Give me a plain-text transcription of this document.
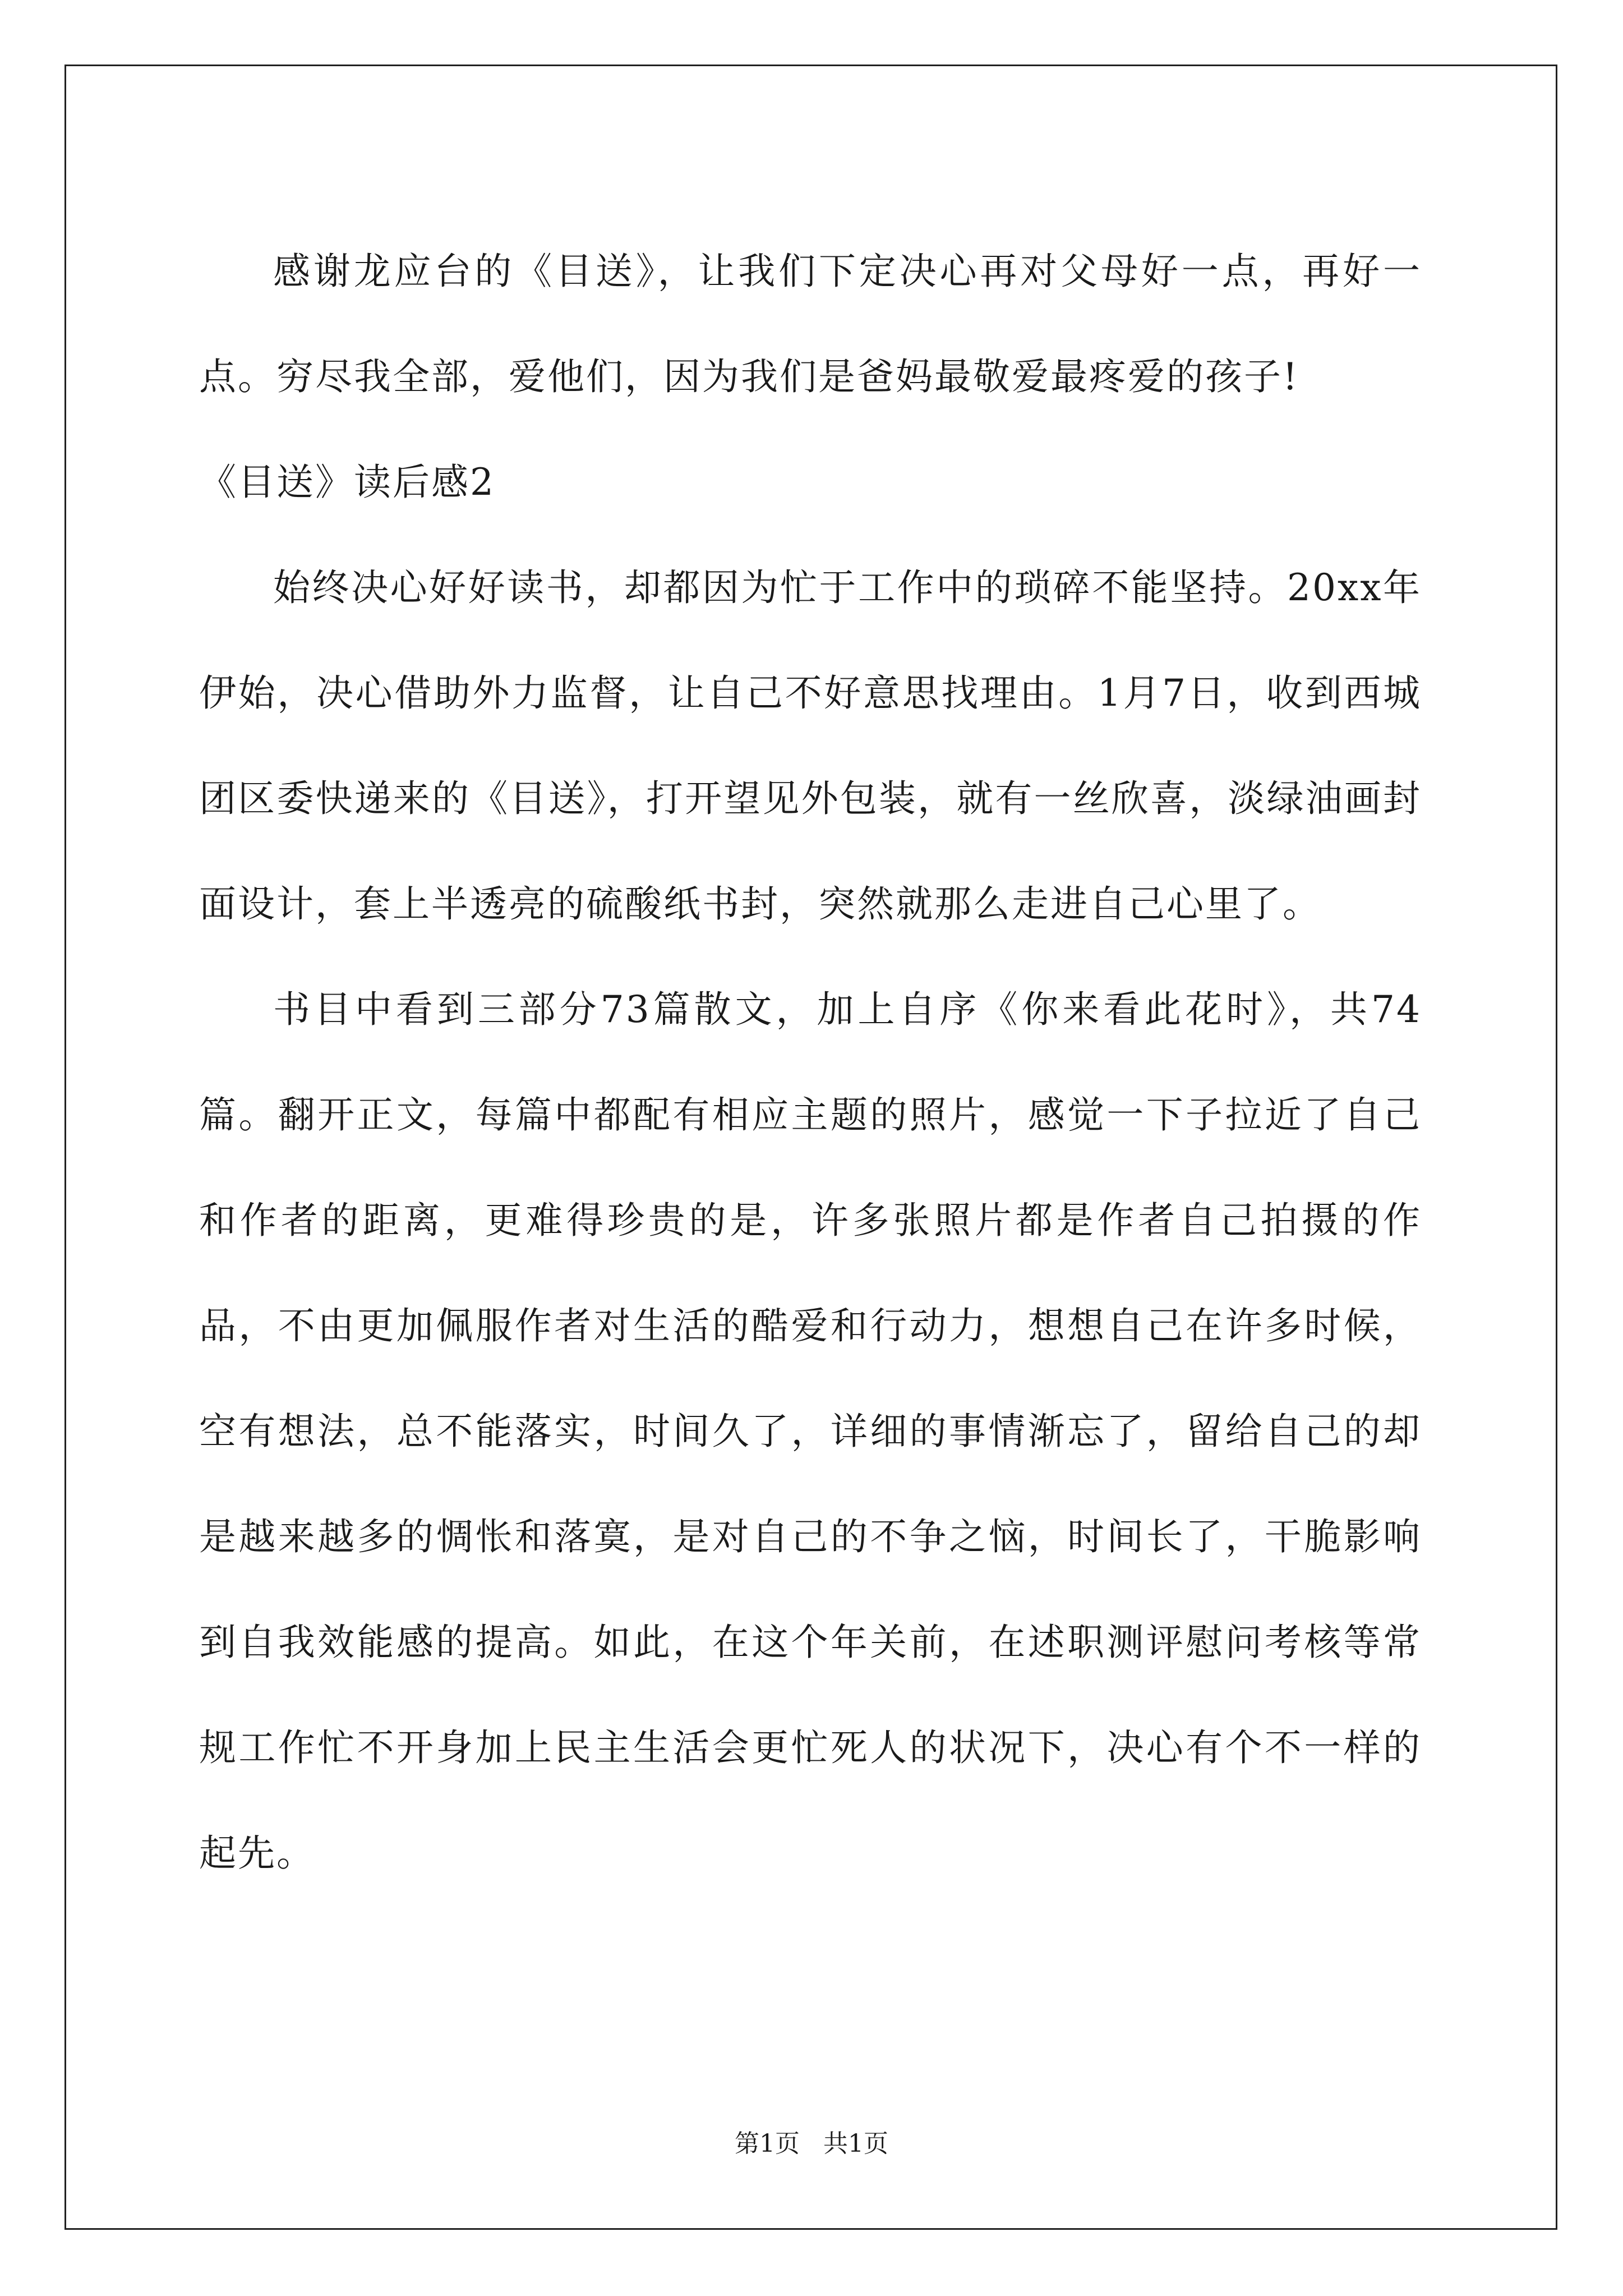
感谢龙应台的《目送》，让我们下定决心再对父母好一点，再好一点。穷尽我全部，爱他们，因为我们是爸妈最敬爱最疼爱的孩子!

《目送》读后感2

始终决心好好读书，却都因为忙于工作中的琐碎不能坚持。20xx年伊始，决心借助外力监督，让自己不好意思找理由。1月7日，收到西城团区委快递来的《目送》，打开望见外包装，就有一丝欣喜，淡绿油画封面设计，套上半透亮的硫酸纸书封，突然就那么走进自己心里了。

书目中看到三部分73篇散文，加上自序《你来看此花时》，共74篇。翻开正文，每篇中都配有相应主题的照片，感觉一下子拉近了自己和作者的距离，更难得珍贵的是，许多张照片都是作者自己拍摄的作品，不由更加佩服作者对生活的酷爱和行动力，想想自己在许多时候，空有想法，总不能落实，时间久了，详细的事情渐忘了，留给自己的却是越来越多的惆怅和落寞，是对自己的不争之恼，时间长了，干脆影响到自我效能感的提高。如此，在这个年关前，在述职测评慰问考核等常规工作忙不开身加上民主生活会更忙死人的状况下，决心有个不一样的起先。

第1页 共1页
